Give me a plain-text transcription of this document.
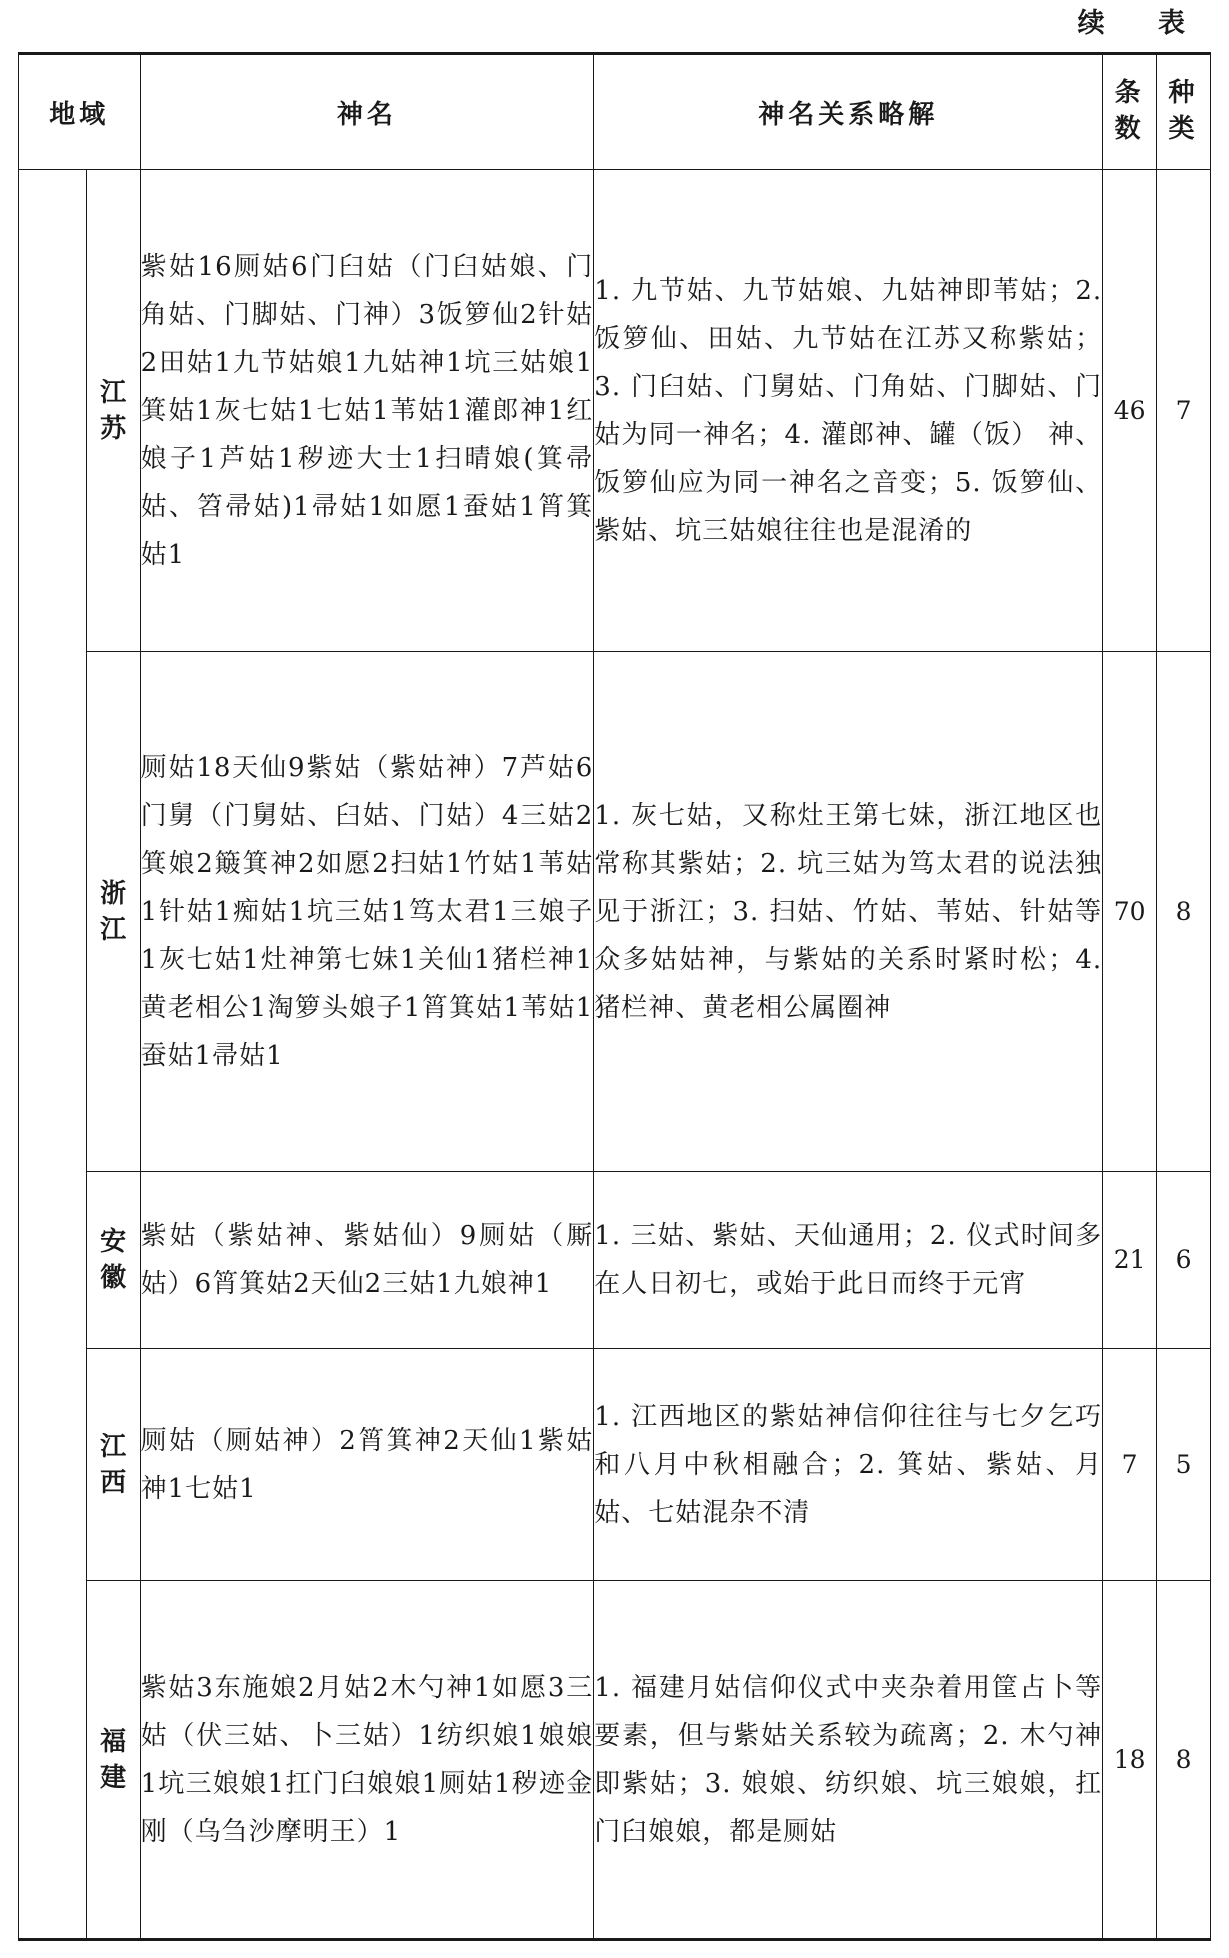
续 表
地域		神名	神名关系略解	条数	种类
	江苏	紫姑16厕姑6门臼姑（门臼姑娘、门角姑、门脚姑、门神）3饭箩仙2针姑2田姑1九节姑娘1九姑神1坑三姑娘1箕姑1灰七姑1七姑1苇姑1灌郎神1红娘子1芦姑1秽迹大士1扫晴娘(箕帚姑、笤帚姑)1帚姑1如愿1蚕姑1筲箕姑1	1. 九节姑、九节姑娘、九姑神即苇姑；2. 饭箩仙、田姑、九节姑在江苏又称紫姑；3. 门臼姑、门舅姑、门角姑、门脚姑、门姑为同一神名；4. 灌郎神、罐（饭） 神、饭箩仙应为同一神名之音变；5. 饭箩仙、紫姑、坑三姑娘往往也是混淆的	46	7
	浙江	厕姑18天仙9紫姑（紫姑神）7芦姑6门舅（门舅姑、臼姑、门姑）4三姑2箕娘2簸箕神2如愿2扫姑1竹姑1苇姑1针姑1痴姑1坑三姑1笃太君1三娘子1灰七姑1灶神第七妹1关仙1猪栏神1黄老相公1淘箩头娘子1筲箕姑1苇姑1蚕姑1帚姑1	1. 灰七姑，又称灶王第七妹，浙江地区也常称其紫姑；2. 坑三姑为笃太君的说法独见于浙江；3. 扫姑、竹姑、苇姑、针姑等众多姑姑神，与紫姑的关系时紧时松；4. 猪栏神、黄老相公属圈神	70	8
	安徽	紫姑（紫姑神、紫姑仙）9厕姑（厮姑）6筲箕姑2天仙2三姑1九娘神1	1. 三姑、紫姑、天仙通用；2. 仪式时间多在人日初七，或始于此日而终于元宵	21	6
	江西	厕姑（厕姑神）2筲箕神2天仙1紫姑神1七姑1	1. 江西地区的紫姑神信仰往往与七夕乞巧和八月中秋相融合；2. 箕姑、紫姑、月姑、七姑混杂不清	7	5
	福建	紫姑3东施娘2月姑2木勺神1如愿3三姑（伏三姑、卜三姑）1纺织娘1娘娘1坑三娘娘1扛门臼娘娘1厕姑1秽迹金刚（乌刍沙摩明王）1	1. 福建月姑信仰仪式中夹杂着用筐占卜等要素，但与紫姑关系较为疏离；2. 木勺神即紫姑；3. 娘娘、纺织娘、坑三娘娘，扛门臼娘娘，都是厕姑	18	8
